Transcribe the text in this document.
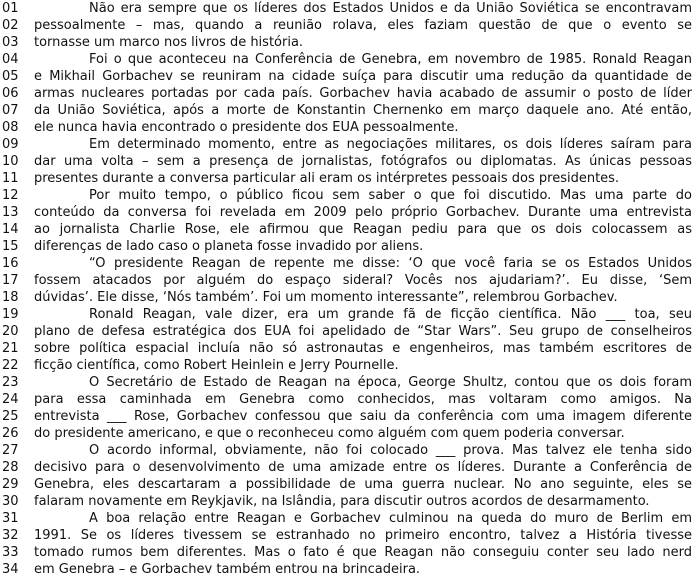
01	Não era sempre que os líderes dos Estados Unidos e da União Soviética se encontravam
02	pessoalmente – mas, quando a reunião rolava, eles faziam questão de que o evento se
03	tornasse um marco nos livros de história.
04	Foi o que aconteceu na Conferência de Genebra, em novembro de 1985. Ronald Reagan
05	e Mikhail Gorbachev se reuniram na cidade suíça para discutir uma redução da quantidade de
06	armas nucleares portadas por cada país. Gorbachev havia acabado de assumir o posto de líder
07	da União Soviética, após a morte de Konstantin Chernenko em março daquele ano. Até então,
08	ele nunca havia encontrado o presidente dos EUA pessoalmente.
09	Em determinado momento, entre as negociações militares, os dois líderes saíram para
10	dar uma volta – sem a presença de jornalistas, fotógrafos ou diplomatas. As únicas pessoas
11	presentes durante a conversa particular ali eram os intérpretes pessoais dos presidentes.
12	Por muito tempo, o público ficou sem saber o que foi discutido. Mas uma parte do
13	conteúdo da conversa foi revelada em 2009 pelo próprio Gorbachev. Durante uma entrevista
14	ao jornalista Charlie Rose, ele afirmou que Reagan pediu para que os dois colocassem as
15	diferenças de lado caso o planeta fosse invadido por aliens.
16	“O presidente Reagan de repente me disse: ‘O que você faria se os Estados Unidos
17	fossem atacados por alguém do espaço sideral? Vocês nos ajudariam?’. Eu disse, ‘Sem
18	dúvidas’. Ele disse, ‘Nós também’. Foi um momento interessante”, relembrou Gorbachev.
19	Ronald Reagan, vale dizer, era um grande fã de ficção científica. Não ___ toa, seu
20	plano de defesa estratégica dos EUA foi apelidado de “Star Wars”. Seu grupo de conselheiros
21	sobre política espacial incluía não só astronautas e engenheiros, mas também escritores de
22	ficção científica, como Robert Heinlein e Jerry Pournelle.
23	O Secretário de Estado de Reagan na época, George Shultz, contou que os dois foram
24	para essa caminhada em Genebra como conhecidos, mas voltaram como amigos. Na
25	entrevista ___ Rose, Gorbachev confessou que saiu da conferência com uma imagem diferente
26	do presidente americano, e que o reconheceu como alguém com quem poderia conversar.
27	O acordo informal, obviamente, não foi colocado ___ prova. Mas talvez ele tenha sido
28	decisivo para o desenvolvimento de uma amizade entre os líderes. Durante a Conferência de
29	Genebra, eles descartaram a possibilidade de uma guerra nuclear. No ano seguinte, eles se
30	falaram novamente em Reykjavik, na Islândia, para discutir outros acordos de desarmamento.
31	A boa relação entre Reagan e Gorbachev culminou na queda do muro de Berlim em
32	1991. Se os líderes tivessem se estranhado no primeiro encontro, talvez a História tivesse
33	tomado rumos bem diferentes. Mas o fato é que Reagan não conseguiu conter seu lado nerd
34	em Genebra – e Gorbachev também entrou na brincadeira.
